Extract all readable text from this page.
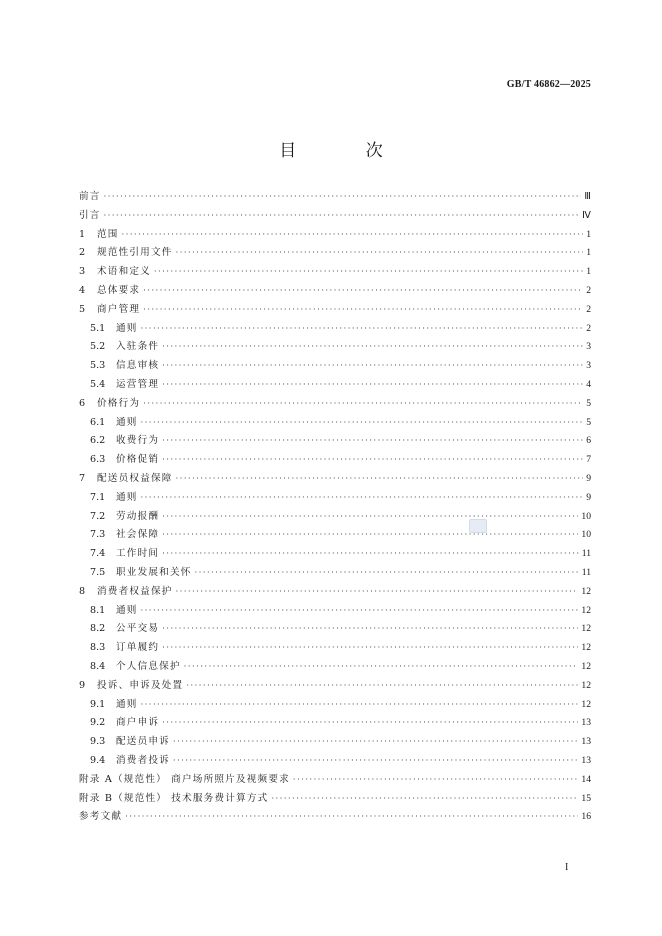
GB/T 46862—2025
目 次
前言 ·····	Ⅲ
引言 ·····	Ⅳ
1	范围 ·····	1
2	规范性引用文件 ·····	1
3	术语和定义 ·····	1
4	总体要求 ·····	2
5	商户管理 ·····	2
5.1	通则 ·····	2
5.2	入驻条件 ·····	3
5.3	信息审核 ·····	3
5.4	运营管理 ·····	4
6	价格行为 ·····	5
6.1	通则 ·····	5
6.2	收费行为 ·····	6
6.3	价格促销 ·····	7
7	配送员权益保障 ·····	9
7.1	通则 ·····	9
7.2	劳动报酬 ·····	10
7.3	社会保障 ·····	10
7.4	工作时间 ·····	11
7.5	职业发展和关怀 ·····	11
8	消费者权益保护 ·····	12
8.1	通则 ·····	12
8.2	公平交易 ·····	12
8.3	订单履约 ·····	12
8.4	个人信息保护 ·····	12
9	投诉、申诉及处置 ·····	12
9.1	通则 ·····	12
9.2	商户申诉 ·····	13
9.3	配送员申诉 ·····	13
9.4	消费者投诉 ·····	13
附录 A（规范性） 商户场所照片及视频要求 ·····	14
附录 B（规范性） 技术服务费计算方式 ·····	15
参考文献 ·····	16
I
